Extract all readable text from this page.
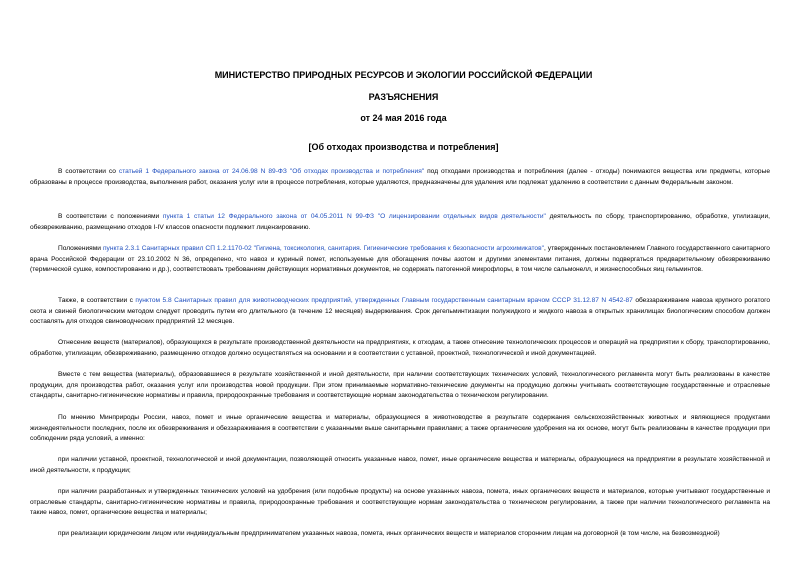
МИНИСТЕРСТВО ПРИРОДНЫХ РЕСУРСОВ И ЭКОЛОГИИ РОССИЙСКОЙ ФЕДЕРАЦИИ
РАЗЪЯСНЕНИЯ
от 24 мая 2016 года
[Об отходах производства и потребления]

В соответствии со статьей 1 Федерального закона от 24.06.98 N 89-ФЗ "Об отходах производства и потребления" под отходами производства и потребления (далее - отходы) понимаются вещества или предметы, которые образованы в процессе производства, выполнения работ, оказания услуг или в процессе потребления, которые удаляются, предназначены для удаления или подлежат удалению в соответствии с данным Федеральным законом.

В соответствии с положениями пункта 1 статьи 12 Федерального закона от 04.05.2011 N 99-ФЗ "О лицензировании отдельных видов деятельности" деятельность по сбору, транспортированию, обработке, утилизации, обезвреживанию, размещению отходов I-IV классов опасности подлежит лицензированию.

Положениями пункта 2.3.1 Санитарных правил СП 1.2.1170-02 "Гигиена, токсикология, санитария. Гигиенические требования к безопасности агрохимикатов", утвержденных постановлением Главного государственного санитарного врача Российской Федерации от 23.10.2002 N 36, определено, что навоз и куриный помет, используемые для обогащения почвы азотом и другими элементами питания, должны подвергаться предварительному обезвреживанию (термической сушке, компостированию и др.), соответствовать требованиям действующих нормативных документов, не содержать патогенной микрофлоры, в том числе сальмонелл, и жизнеспособных яиц гельминтов.

Также, в соответствии с пунктом 5.8 Санитарных правил для животноводческих предприятий, утвержденных Главным государственным санитарным врачом СССР 31.12.87 N 4542-87 обеззараживание навоза крупного рогатого скота и свиней биологическим методом следует проводить путем его длительного (в течение 12 месяцев) выдерживания. Срок дегельминтизации полужидкого и жидкого навоза в открытых хранилищах биологическим способом должен составлять для отходов свиноводческих предприятий 12 месяцев.

Отнесение веществ (материалов), образующихся в результате производственной деятельности на предприятиях, к отходам, а также отнесение технологических процессов и операций на предприятии к сбору, транспортированию, обработке, утилизации, обезвреживанию, размещению отходов должно осуществляться на основании и в соответствии с уставной, проектной, технологической и иной документацией.

Вместе с тем вещества (материалы), образовавшиеся в результате хозяйственной и иной деятельности, при наличии соответствующих технических условий, технологического регламента могут быть реализованы в качестве продукции, для производства работ, оказания услуг или производства новой продукции. При этом принимаемые нормативно-технические документы на продукцию должны учитывать соответствующие государственные и отраслевые стандарты, санитарно-гигиенические нормативы и правила, природоохранные требования и соответствующие нормам законодательства о техническом регулировании.

По мнению Минприроды России, навоз, помет и иные органические вещества и материалы, образующиеся в животноводстве в результате содержания сельскохозяйственных животных и являющиеся продуктами жизнедеятельности последних, после их обезвреживания и обеззараживания в соответствии с указанными выше санитарными правилами; а также органические удобрения на их основе, могут быть реализованы в качестве продукции при соблюдении ряда условий, а именно:

при наличии уставной, проектной, технологической и иной документации, позволяющей относить указанные навоз, помет, иные органические вещества и материалы, образующиеся на предприятии в результате хозяйственной и иной деятельности, к продукции;

при наличии разработанных и утвержденных технических условий на удобрения (или подобные продукты) на основе указанных навоза, помета, иных органических веществ и материалов, которые учитывают государственные и отраслевые стандарты, санитарно-гигиенические нормативы и правила, природоохранные требования и соответствующие нормам законодательства о техническом регулировании, а также при наличии технологического регламента на такие навоз, помет, органические вещества и материалы;

при реализации юридическим лицом или индивидуальным предпринимателем указанных навоза, помета, иных органических веществ и материалов сторонним лицам на договорной (в том числе, на безвозмездной)
